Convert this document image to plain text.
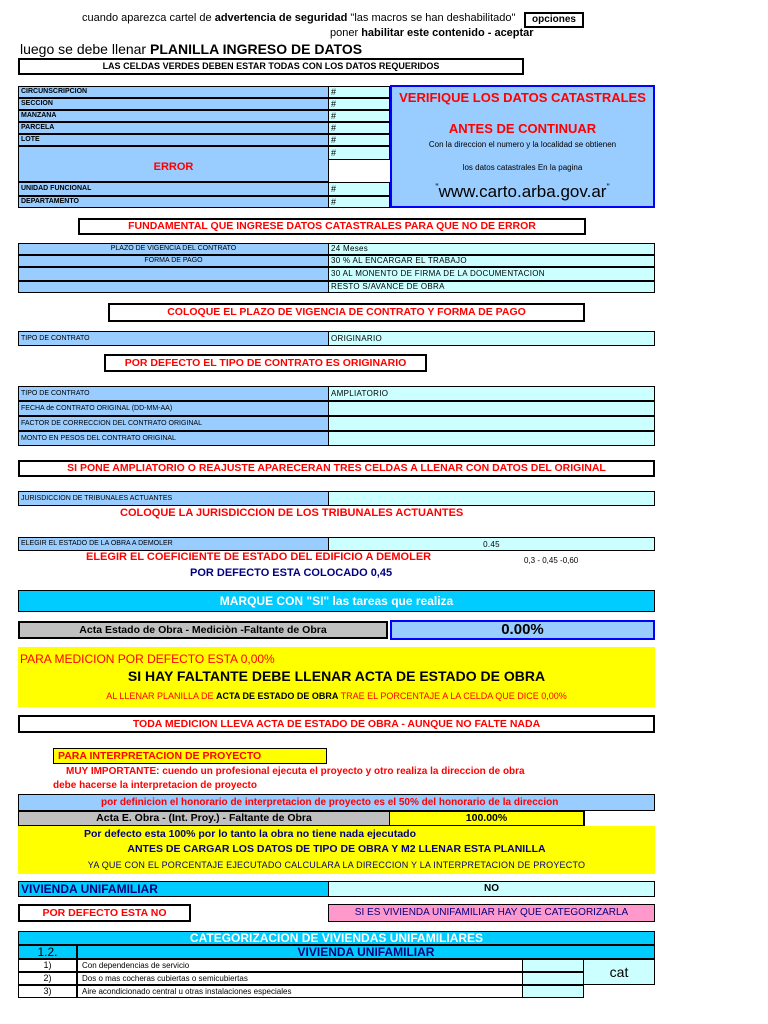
cuando aparezca cartel de advertencia de seguridad "las macros se han deshabilitado"	opciones
poner habilitar este contenido - aceptar
luego se debe llenar PLANILLA INGRESO DE DATOS
LAS CELDAS VERDES DEBEN ESTAR TODAS CON LOS DATOS REQUERIDOS
CIRCUNSCRIPCION	#
SECCION	#
MANZANA	#
PARCELA	#
LOTE	#
#
UNIDAD FUNCIONAL	#
DEPARTAMENTO	#
ERROR
VERIFIQUE LOS DATOS CATASTRALES
ANTES DE CONTINUAR
Con la direccion el numero y la localidad se obtienen
los datos catastrales En la pagina
"www.carto.arba.gov.ar"
FUNDAMENTAL QUE INGRESE DATOS CATASTRALES PARA QUE NO DE ERROR
PLAZO DE VIGENCIA DEL CONTRATO	24 Meses
FORMA DE PAGO	30 % AL ENCARGAR EL TRABAJO
30 AL MONENTO DE FIRMA DE LA DOCUMENTACION
RESTO S/AVANCE DE OBRA
COLOQUE EL PLAZO DE VIGENCIA DE CONTRATO Y FORMA DE PAGO
TIPO DE CONTRATO	ORIGINARIO
POR DEFECTO EL TIPO DE CONTRATO ES ORIGINARIO
TIPO DE CONTRATO	AMPLIATORIO
FECHA de CONTRATO ORIGINAL (DD-MM-AA)
FACTOR DE CORRECCION DEL CONTRATO ORIGINAL
MONTO EN PESOS DEL CONTRATO ORIGINAL
SI PONE AMPLIATORIO O REAJUSTE APARECERAN TRES CELDAS A LLENAR CON DATOS DEL ORIGINAL
JURISDICCION DE TRIBUNALES ACTUANTES
COLOQUE LA JURISDICCION DE LOS TRIBUNALES ACTUANTES
ELEGIR EL ESTADO DE LA OBRA A DEMOLER	0.45
ELEGIR EL COEFICIENTE DE ESTADO DEL EDIFICIO A DEMOLER	0,3 - 0,45 -0,60
POR DEFECTO ESTA COLOCADO 0,45
MARQUE CON "SI" las tareas que realiza
Acta Estado de Obra - Mediciòn -Faltante de Obra	0.00%
PARA MEDICION POR DEFECTO ESTA 0,00%
SI HAY FALTANTE DEBE LLENAR ACTA DE ESTADO DE OBRA
AL LLENAR PLANILLA DE ACTA DE ESTADO DE OBRA TRAE EL PORCENTAJE A LA CELDA QUE DICE 0,00%
TODA MEDICION LLEVA ACTA DE ESTADO DE OBRA - AUNQUE NO FALTE NADA
PARA INTERPRETACION DE PROYECTO
MUY IMPORTANTE: cuendo un profesional ejecuta el proyecto y otro realiza la direccion de obra
debe hacerse la interpretacion de proyecto
por definicion el honorario de interpretacion de proyecto es el 50% del honorario de la direccion
Acta E. Obra - (Int. Proy.) - Faltante de Obra	100.00%
Por defecto esta 100% por lo tanto la obra no tiene nada ejecutado
ANTES DE CARGAR LOS DATOS DE TIPO DE OBRA Y M2 LLENAR ESTA PLANILLA
YA QUE CON EL PORCENTAJE EJECUTADO CALCULARA LA DIRECCION Y LA INTERPRETACION DE PROYECTO
VIVIENDA UNIFAMILIAR	NO
POR DEFECTO ESTA NO	SI ES VIVIENDA UNIFAMILIAR HAY QUE CATEGORIZARLA
CATEGORIZACION DE VIVIENDAS UNIFAMILIARES
1.2.	VIVIENDA UNIFAMILIAR
1)	Con dependencias de servicio
2)	Dos o mas cocheras cubiertas o semicubiertas
3)	Aire acondicionado central u otras instalaciones especiales
cat
